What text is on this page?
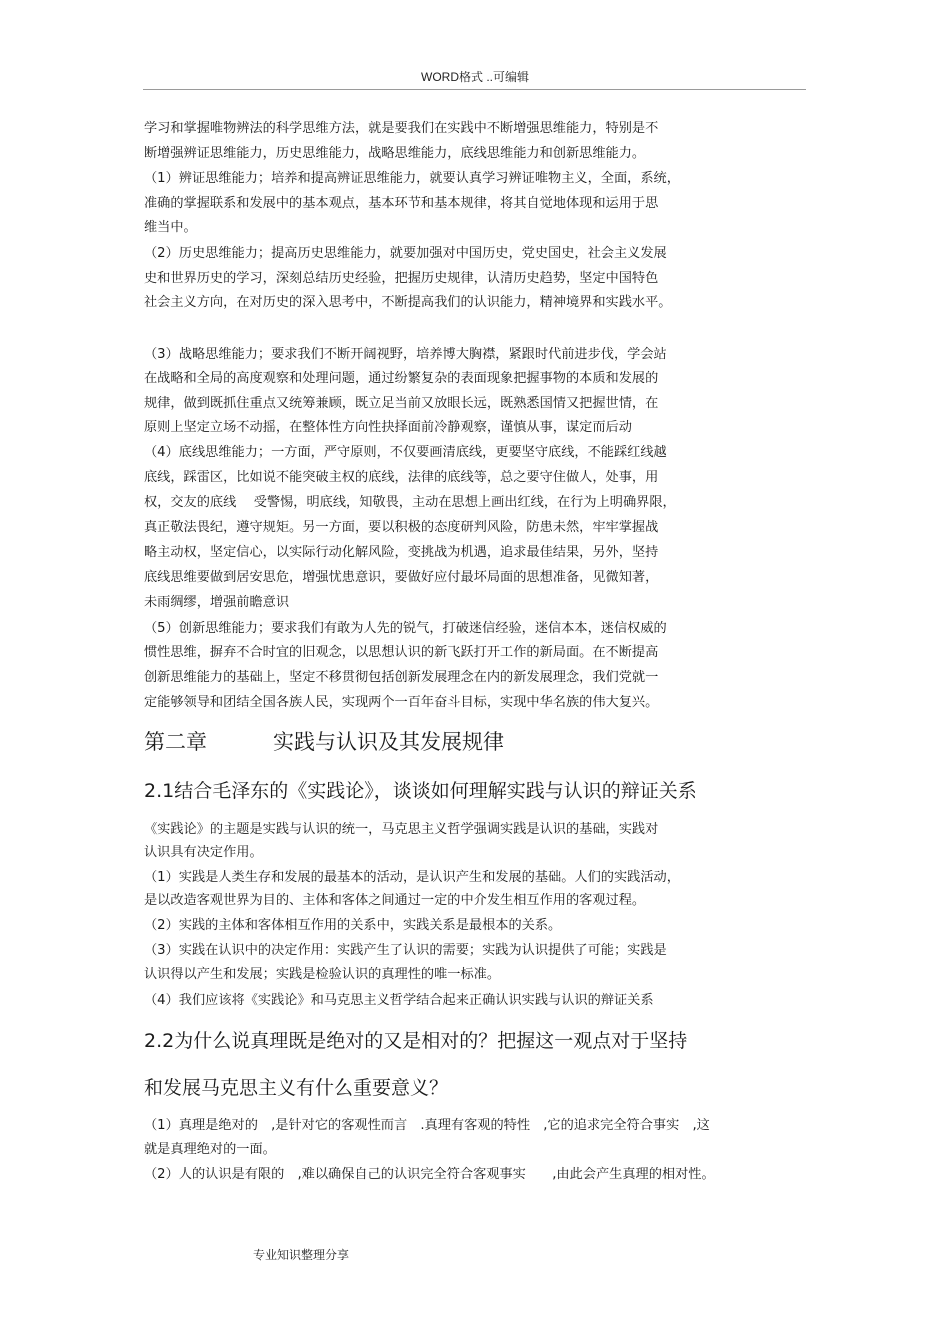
WORD格式 ..可编辑
学习和掌握唯物辨法的科学思维方法，就是要我们在实践中不断增强思维能力，特别是不
断增强辨证思维能力，历史思维能力，战略思维能力，底线思维能力和创新思维能力。
（1）辨证思维能力；培养和提高辨证思维能力，就要认真学习辨证唯物主义，全面，系统，
准确的掌握联系和发展中的基本观点，基本环节和基本规律，将其自觉地体现和运用于思
维当中。
（2）历史思维能力；提高历史思维能力，就要加强对中国历史，党史国史，社会主义发展
史和世界历史的学习，深刻总结历史经验，把握历史规律，认清历史趋势，坚定中国特色
社会主义方向，在对历史的深入思考中，不断提高我们的认识能力，精神境界和实践水平。
（3）战略思维能力；要求我们不断开阔视野，培养博大胸襟，紧跟时代前进步伐，学会站
在战略和全局的高度观察和处理问题，通过纷繁复杂的表面现象把握事物的本质和发展的
规律，做到既抓住重点又统筹兼顾，既立足当前又放眼长远，既熟悉国情又把握世情，在
原则上坚定立场不动摇，在整体性方向性抉择面前冷静观察，谨慎从事，谋定而后动
（4）底线思维能力；一方面，严守原则，不仅要画清底线，更要坚守底线，不能踩红线越
底线，踩雷区，比如说不能突破主权的底线，法律的底线等，总之要守住做人，处事，用
权，交友的底线　 受警惕，明底线，知敬畏，主动在思想上画出红线，在行为上明确界限，
真正敬法畏纪，遵守规矩。另一方面，要以积极的态度研判风险，防患未然，牢牢掌握战
略主动权，坚定信心，以实际行动化解风险，变挑战为机遇，追求最佳结果，另外，坚持
底线思维要做到居安思危，增强忧患意识，要做好应付最坏局面的思想准备，见微知著，
未雨绸缪，增强前瞻意识
（5）创新思维能力；要求我们有敢为人先的锐气，打破迷信经验，迷信本本，迷信权威的
惯性思维，摒弃不合时宜的旧观念，以思想认识的新飞跃打开工作的新局面。在不断提高
创新思维能力的基础上，坚定不移贯彻包括创新发展理念在内的新发展理念，我们党就一
定能够领导和团结全国各族人民，实现两个一百年奋斗目标，实现中华名族的伟大复兴。
第二章	实践与认识及其发展规律
2.1结合毛泽东的《实践论》，谈谈如何理解实践与认识的辩证关系
《实践论》的主题是实践与认识的统一，马克思主义哲学强调实践是认识的基础，实践对
认识具有决定作用。
（1）实践是人类生存和发展的最基本的活动，是认识产生和发展的基础。人们的实践活动，
是以改造客观世界为目的、主体和客体之间通过一定的中介发生相互作用的客观过程。
（2）实践的主体和客体相互作用的关系中，实践关系是最根本的关系。
（3）实践在认识中的决定作用：实践产生了认识的需要；实践为认识提供了可能；实践是
认识得以产生和发展；实践是检验认识的真理性的唯一标准。
（4）我们应该将《实践论》和马克思主义哲学结合起来正确认识实践与认识的辩证关系
2.2为什么说真理既是绝对的又是相对的？把握这一观点对于坚持
和发展马克思主义有什么重要意义？
（1）真理是绝对的　,是针对它的客观性而言　.真理有客观的特性　,它的追求完全符合事实　,这
就是真理绝对的一面。
（2）人的认识是有限的　,难以确保自己的认识完全符合客观事实　　,由此会产生真理的相对性。
专业知识整理分享
